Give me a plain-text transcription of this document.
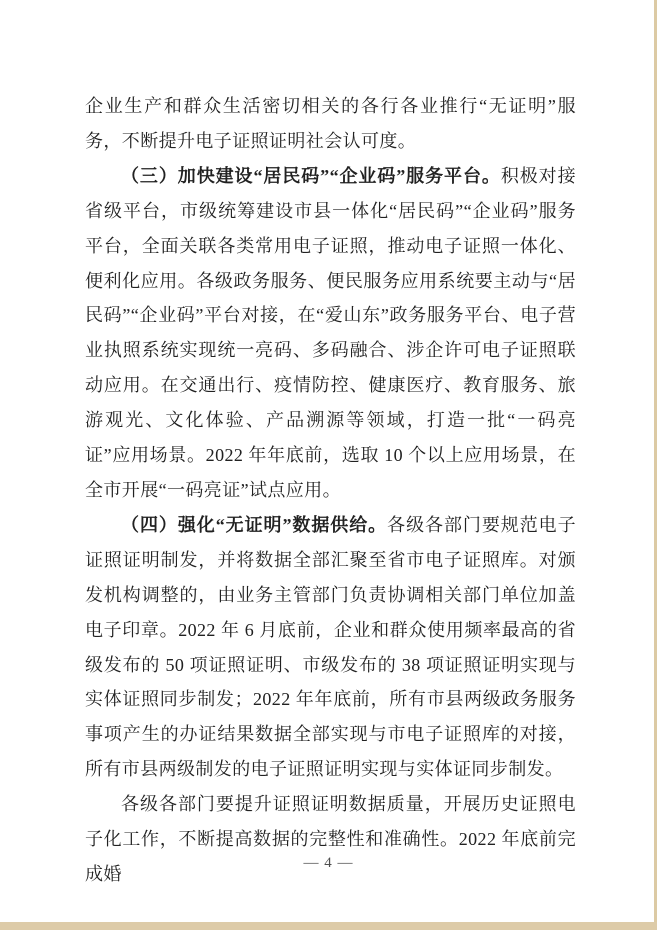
企业生产和群众生活密切相关的各行各业推行“无证明”服务，不断提升电子证照证明社会认可度。

（三）加快建设“居民码”“企业码”服务平台。积极对接省级平台，市级统筹建设市县一体化“居民码”“企业码”服务平台，全面关联各类常用电子证照，推动电子证照一体化、便利化应用。各级政务服务、便民服务应用系统要主动与“居民码”“企业码”平台对接，在“爱山东”政务服务平台、电子营业执照系统实现统一亮码、多码融合、涉企许可电子证照联动应用。在交通出行、疫情防控、健康医疗、教育服务、旅游观光、文化体验、产品溯源等领域，打造一批“一码亮证”应用场景。2022 年年底前，选取 10 个以上应用场景，在全市开展“一码亮证”试点应用。

（四）强化“无证明”数据供给。各级各部门要规范电子证照证明制发，并将数据全部汇聚至省市电子证照库。对颁发机构调整的，由业务主管部门负责协调相关部门单位加盖电子印章。2022 年 6 月底前，企业和群众使用频率最高的省级发布的 50 项证照证明、市级发布的 38 项证照证明实现与实体证照同步制发；2022 年年底前，所有市县两级政务服务事项产生的办证结果数据全部实现与市电子证照库的对接，所有市县两级制发的电子证照证明实现与实体证同步制发。

各级各部门要提升证照证明数据质量，开展历史证照电子化工作，不断提高数据的完整性和准确性。2022 年底前完成婚

— 4 —
